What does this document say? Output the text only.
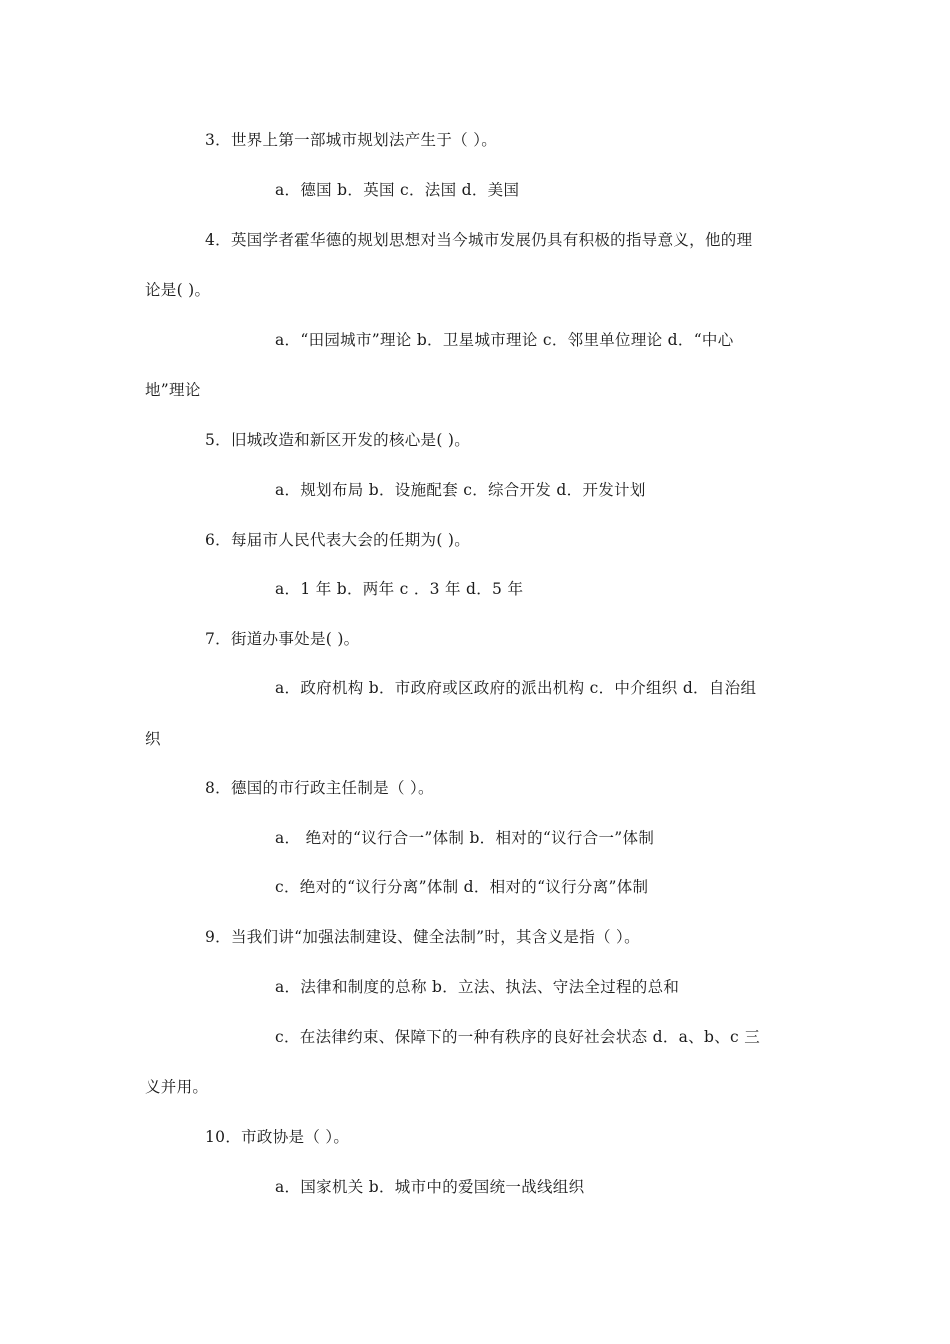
3．世界上第一部城市规划法产生于（ ）。
a．德国 b．英国 c．法国 d．美国
4．英国学者霍华德的规划思想对当今城市发展仍具有积极的指导意义，他的理
论是( )。
a．“田园城市”理论 b．卫星城市理论 c．邻里单位理论 d．“中心
地”理论
5．旧城改造和新区开发的核心是( )。
a．规划布局 b．设施配套 c．综合开发 d．开发计划
6．每届市人民代表大会的任期为( )。
a．1 年 b．两年 c ．3 年 d．5 年
7．街道办事处是( )。
a．政府机构 b．市政府或区政府的派出机构 c．中介组织 d．自治组
织
8．德国的市行政主任制是（ ）。
a． 绝对的“议行合一”体制 b．相对的“议行合一”体制
c．绝对的“议行分离”体制 d．相对的“议行分离”体制
9．当我们讲“加强法制建设、健全法制”时，其含义是指（ ）。
a．法律和制度的总称 b．立法、执法、守法全过程的总和
c．在法律约束、保障下的一种有秩序的良好社会状态 d．a、b、c 三
义并用。
10．市政协是（ ）。
a．国家机关 b．城市中的爱国统一战线组织
